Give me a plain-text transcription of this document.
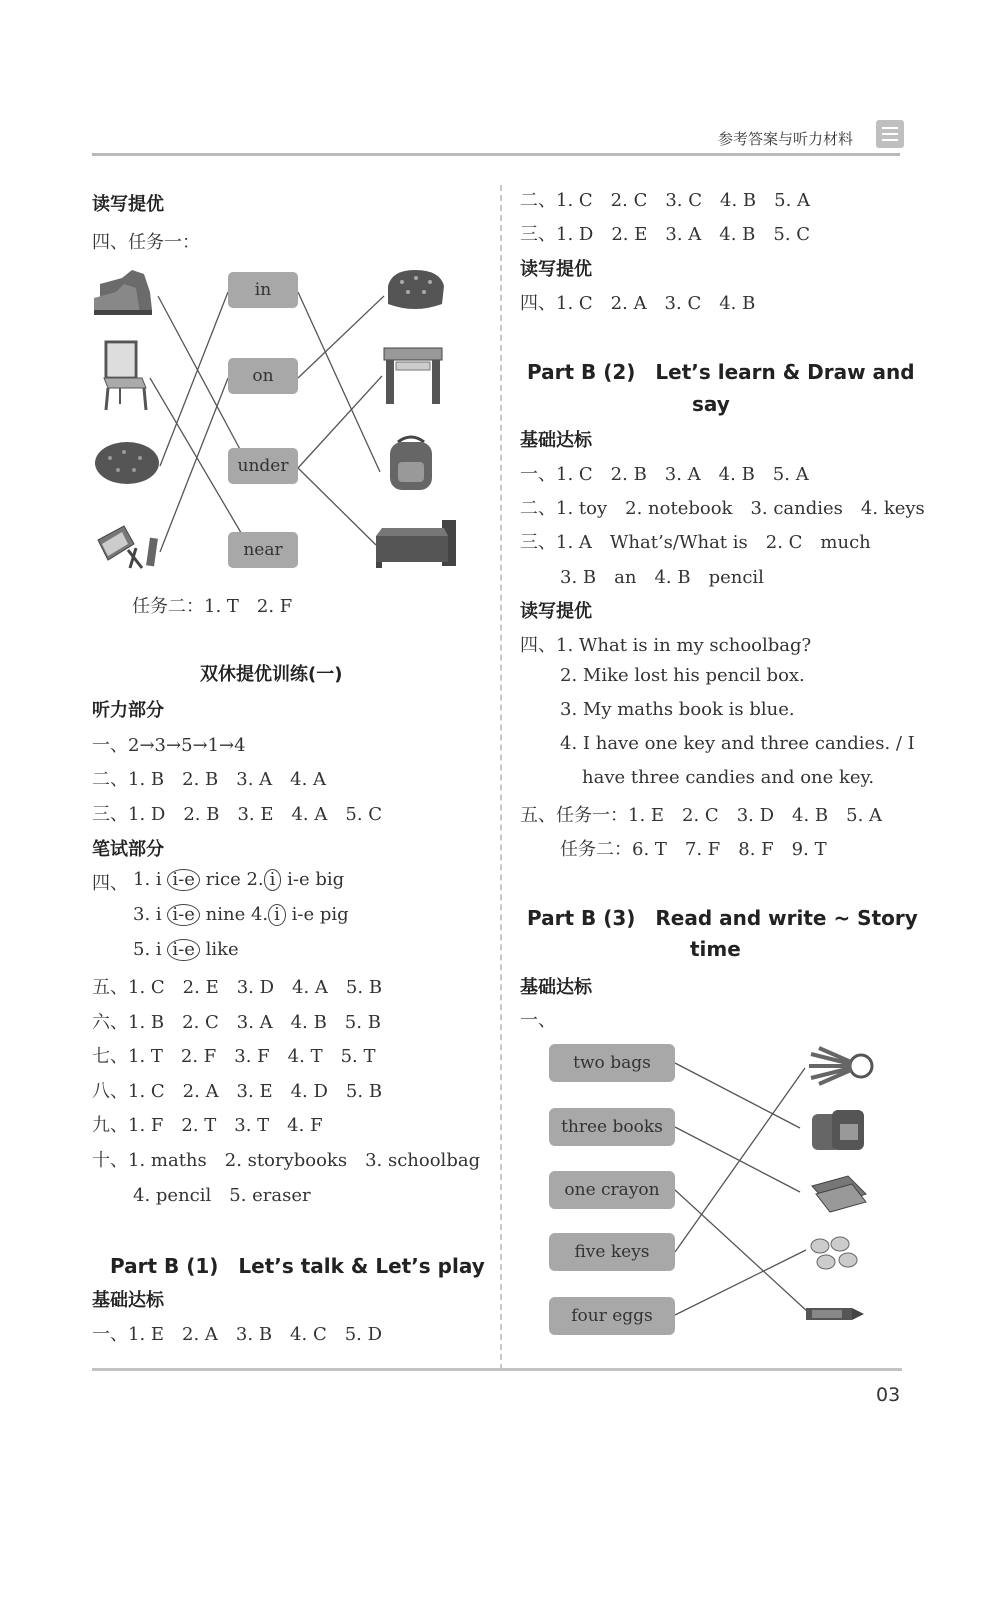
参考答案与听力材料
读写提优
四、任务一：
in
on
under
near
任务二：1. T　2. F
双休提优训练(一)
听力部分
一、2→3→5→1→4
二、1. B　2. B　3. A　4. A
三、1. D　2. B　3. E　4. A　5. C
笔试部分
四、 1. i i-e rice 2. i i-e big
3. i i-e nine 4. i i-e pig
5. i i-e like
五、1. C　2. E　3. D　4. A　5. B
六、1. B　2. C　3. A　4. B　5. B
七、1. T　2. F　3. F　4. T　5. T
八、1. C　2. A　3. E　4. D　5. B
九、1. F　2. T　3. T　4. F
十、1. maths　2. storybooks　3. schoolbag
4. pencil　5. eraser
Part B (1)　Let’s talk & Let’s play
基础达标
一、1. E　2. A　3. B　4. C　5. D
二、1. C　2. C　3. C　4. B　5. A
三、1. D　2. E　3. A　4. B　5. C
读写提优
四、1. C　2. A　3. C　4. B
Part B (2)　Let’s learn & Draw and
say
基础达标
一、1. C　2. B　3. A　4. B　5. A
二、1. toy　2. notebook　3. candies　4. keys
三、1. A　What’s/What is　2. C　much
3. B　an　4. B　pencil
读写提优
四、1. What is in my schoolbag?
2. Mike lost his pencil box.
3. My maths book is blue.
4. I have one key and three candies. / I
have three candies and one key.
五、任务一：1. E　2. C　3. D　4. B　5. A
任务二：6. T　7. F　8. F　9. T
Part B (3)　Read and write ~ Story
time
基础达标
一、
two bags
three books
one crayon
five keys
four eggs
03
